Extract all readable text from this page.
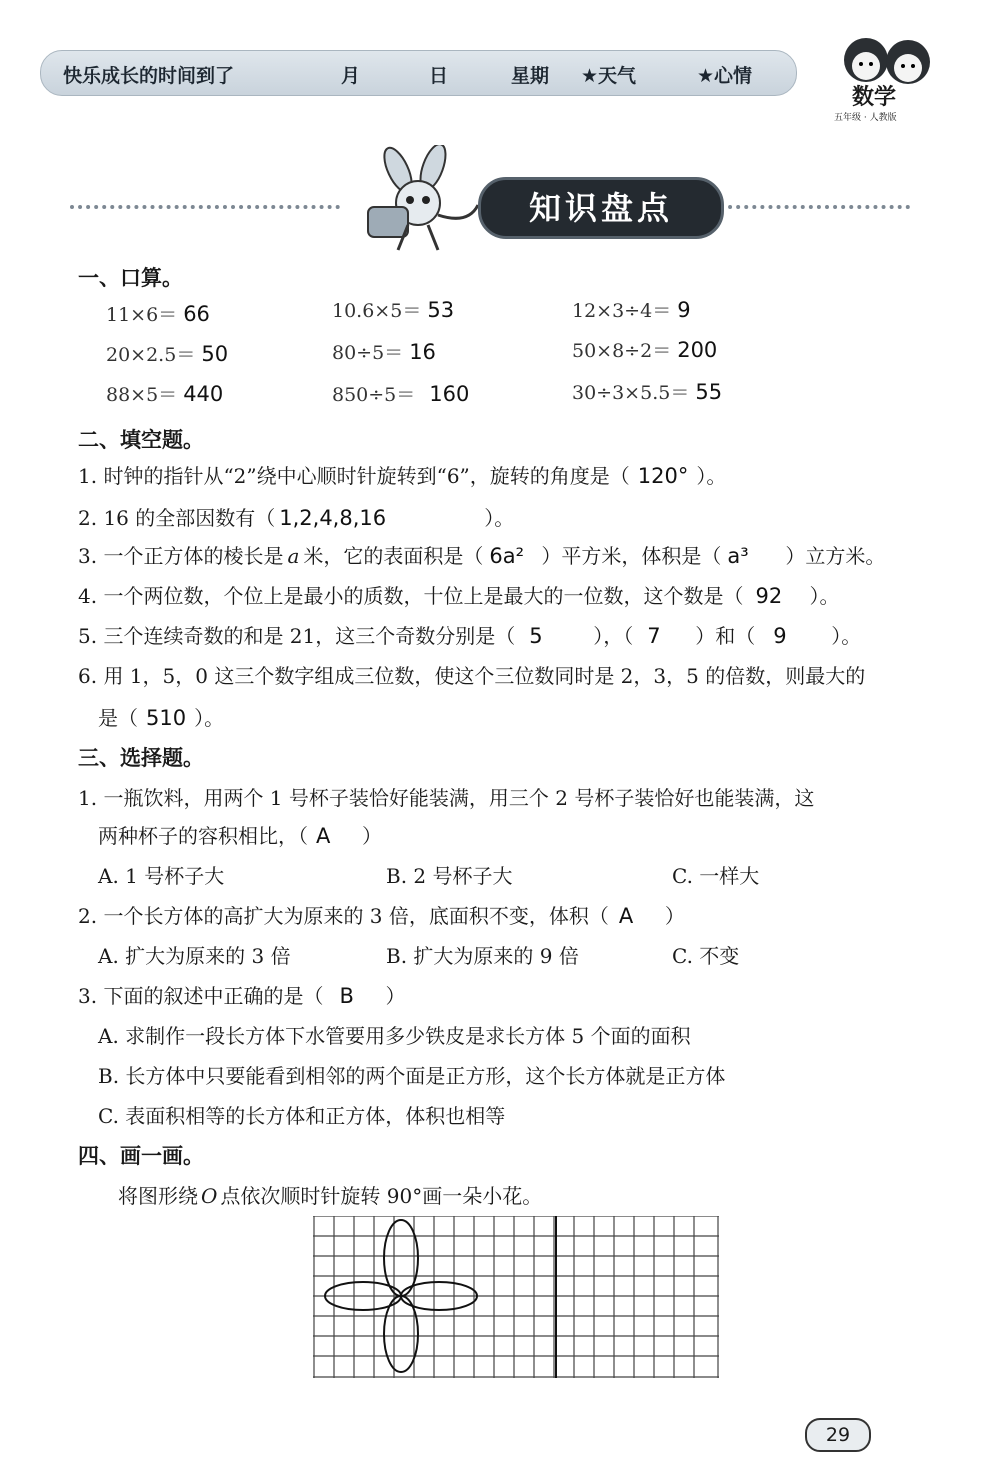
快乐成长的时间到了	月	日	星期 ★天气	★心情
数学
五年级 · 人教版
知识盘点
一、口算。
11×6＝ 66	10.6×5＝ 53	12×3÷4＝ 9
20×2.5＝ 50	80÷5＝ 16	50×8÷2＝ 200
88×5＝ 440	850÷5＝ 160	30÷3×5.5＝ 55
二、填空题。
1. 时钟的指针从“2”绕中心顺时针旋转到“6”，旋转的角度是（ 120° ）。
2. 16 的全部因数有（ 1,2,4,8,16	）。
3. 一个正方体的棱长是 a 米，它的表面积是（ 6a² ）平方米，体积是（ a³ ）立方米。
4. 一个两位数，个位上是最小的质数，十位上是最大的一位数，这个数是（ 92 ）。
5. 三个连续奇数的和是 21，这三个奇数分别是（ 5	），（ 7 ）和（ 9 ）。
6. 用 1，5，0 这三个数字组成三位数，使这个三位数同时是 2，3，5 的倍数，则最大的
是（ 510 ）。
三、选择题。
1. 一瓶饮料，用两个 1 号杯子装恰好能装满，用三个 2 号杯子装恰好也能装满，这
两种杯子的容积相比，（ A ）
A. 1 号杯子大	B. 2 号杯子大	C. 一样大
2. 一个长方体的高扩大为原来的 3 倍，底面积不变，体积（ A ）
A. 扩大为原来的 3 倍	B. 扩大为原来的 9 倍	C. 不变
3. 下面的叙述中正确的是（ B ）
A. 求制作一段长方体下水管要用多少铁皮是求长方体 5 个面的面积
B. 长方体中只要能看到相邻的两个面是正方形，这个长方体就是正方体
C. 表面积相等的长方体和正方体，体积也相等
四、画一画。
将图形绕 O 点依次顺时针旋转 90°画一朵小花。
29
